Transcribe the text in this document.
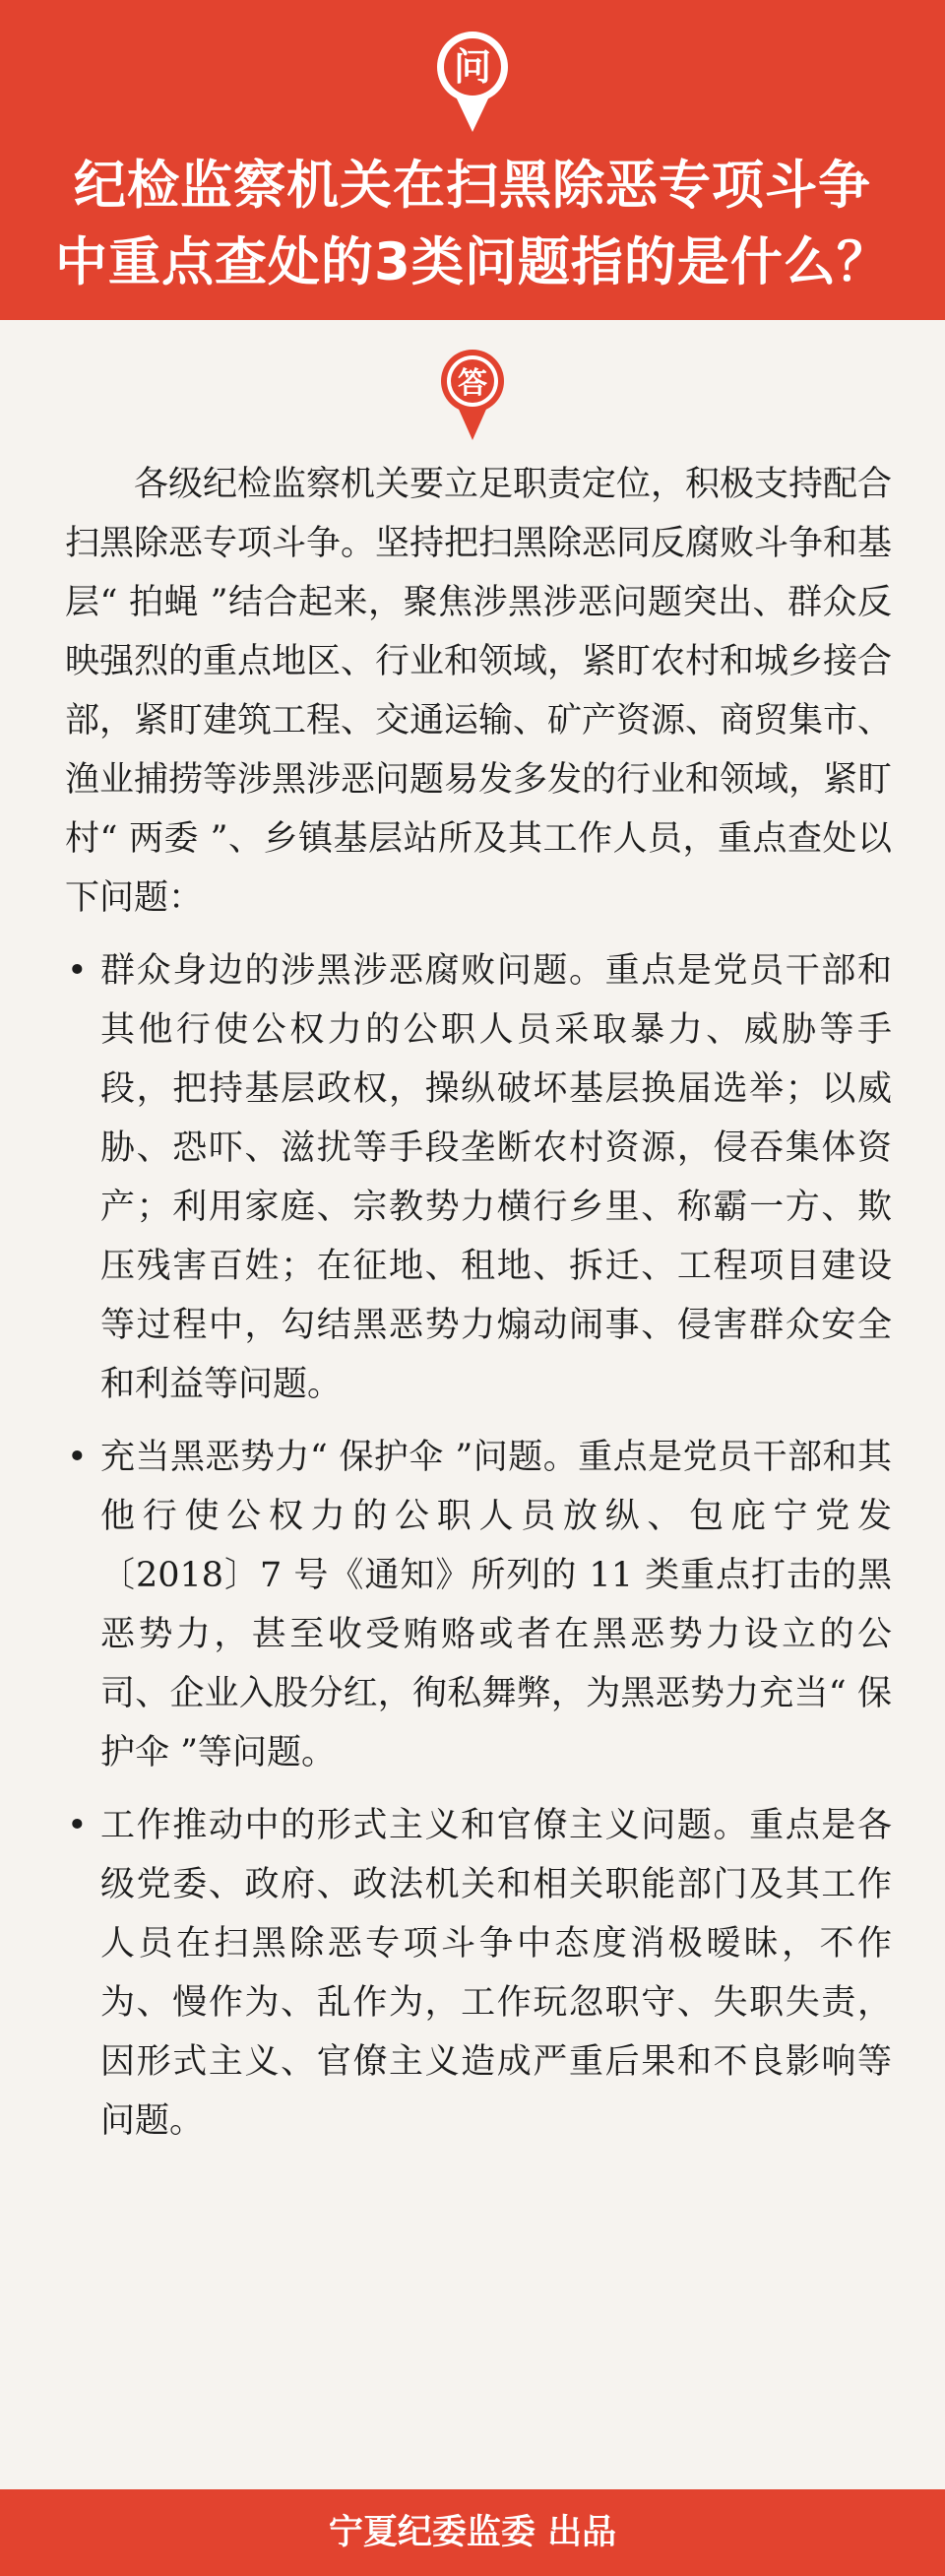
问
纪检监察机关在扫黑除恶专项斗争
中重点查处的3类问题指的是什么？
答

各级纪检监察机关要立足职责定位，积极支持配合扫黑除恶专项斗争。坚持把扫黑除恶同反腐败斗争和基层“ 拍蝇 ”结合起来，聚焦涉黑涉恶问题突出、群众反映强烈的重点地区、行业和领域，紧盯农村和城乡接合部，紧盯建筑工程、交通运输、矿产资源、商贸集市、渔业捕捞等涉黑涉恶问题易发多发的行业和领域，紧盯村“ 两委 ”、乡镇基层站所及其工作人员，重点查处以下问题：

• 群众身边的涉黑涉恶腐败问题。重点是党员干部和其他行使公权力的公职人员采取暴力、威胁等手段，把持基层政权，操纵破坏基层换届选举；以威胁、恐吓、滋扰等手段垄断农村资源，侵吞集体资产；利用家庭、宗教势力横行乡里、称霸一方、欺压残害百姓；在征地、租地、拆迁、工程项目建设等过程中，勾结黑恶势力煽动闹事、侵害群众安全和利益等问题。
• 充当黑恶势力“ 保护伞 ”问题。重点是党员干部和其他行使公权力的公职人员放纵、包庇宁党发〔2018〕7 号《通知》所列的 11 类重点打击的黑恶势力，甚至收受贿赂或者在黑恶势力设立的公司、企业入股分红，徇私舞弊，为黑恶势力充当“ 保护伞 ”等问题。
• 工作推动中的形式主义和官僚主义问题。重点是各级党委、政府、政法机关和相关职能部门及其工作人员在扫黑除恶专项斗争中态度消极暧昧，不作为、慢作为、乱作为，工作玩忽职守、失职失责，因形式主义、官僚主义造成严重后果和不良影响等问题。
宁夏纪委监委 出品
